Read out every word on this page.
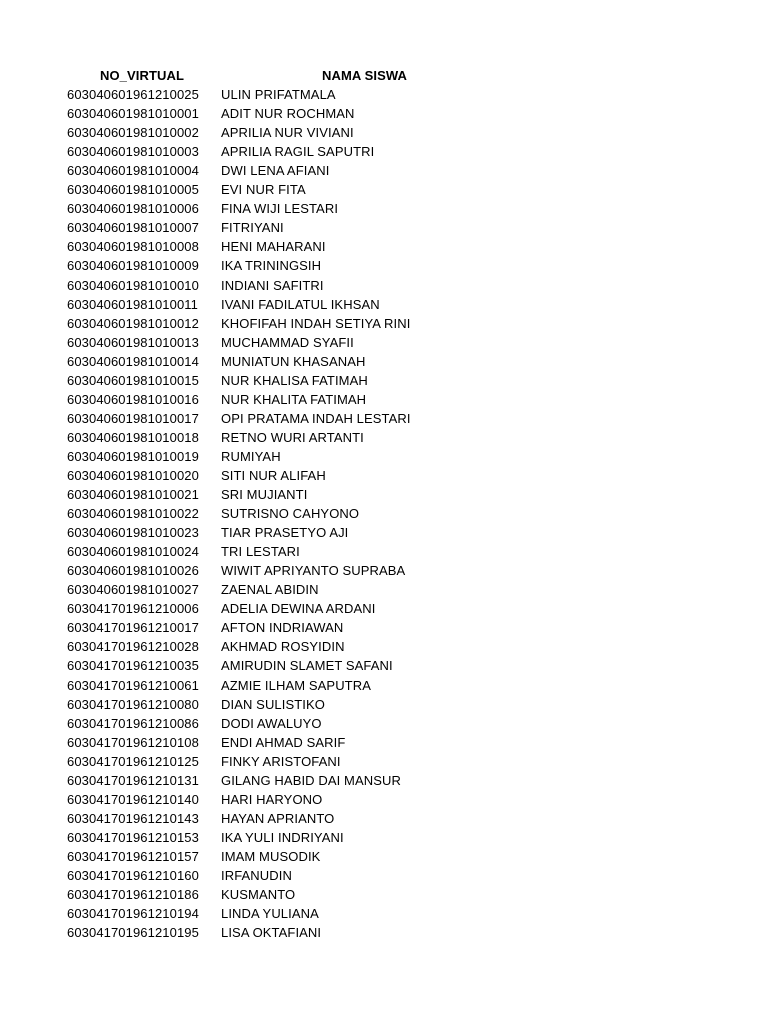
NO_VIRTUAL	NAMA SISWA
603040601961210025	ULIN PRIFATMALA
603040601981010001	ADIT NUR ROCHMAN
603040601981010002	APRILIA NUR VIVIANI
603040601981010003	APRILIA RAGIL SAPUTRI
603040601981010004	DWI LENA AFIANI
603040601981010005	EVI NUR FITA
603040601981010006	FINA WIJI LESTARI
603040601981010007	FITRIYANI
603040601981010008	HENI MAHARANI
603040601981010009	IKA TRININGSIH
603040601981010010	INDIANI SAFITRI
603040601981010011	IVANI FADILATUL IKHSAN
603040601981010012	KHOFIFAH INDAH SETIYA RINI
603040601981010013	MUCHAMMAD SYAFII
603040601981010014	MUNIATUN KHASANAH
603040601981010015	NUR KHALISA FATIMAH
603040601981010016	NUR KHALITA FATIMAH
603040601981010017	OPI PRATAMA INDAH LESTARI
603040601981010018	RETNO WURI ARTANTI
603040601981010019	RUMIYAH
603040601981010020	SITI NUR ALIFAH
603040601981010021	SRI MUJIANTI
603040601981010022	SUTRISNO CAHYONO
603040601981010023	TIAR PRASETYO AJI
603040601981010024	TRI LESTARI
603040601981010026	WIWIT APRIYANTO SUPRABA
603040601981010027	ZAENAL ABIDIN
603041701961210006	ADELIA DEWINA ARDANI
603041701961210017	AFTON INDRIAWAN
603041701961210028	AKHMAD ROSYIDIN
603041701961210035	AMIRUDIN SLAMET SAFANI
603041701961210061	AZMIE ILHAM SAPUTRA
603041701961210080	DIAN SULISTIKO
603041701961210086	DODI AWALUYO
603041701961210108	ENDI AHMAD SARIF
603041701961210125	FINKY ARISTOFANI
603041701961210131	GILANG HABID DAI MANSUR
603041701961210140	HARI HARYONO
603041701961210143	HAYAN APRIANTO
603041701961210153	IKA YULI INDRIYANI
603041701961210157	IMAM MUSODIK
603041701961210160	IRFANUDIN
603041701961210186	KUSMANTO
603041701961210194	LINDA YULIANA
603041701961210195	LISA OKTAFIANI
